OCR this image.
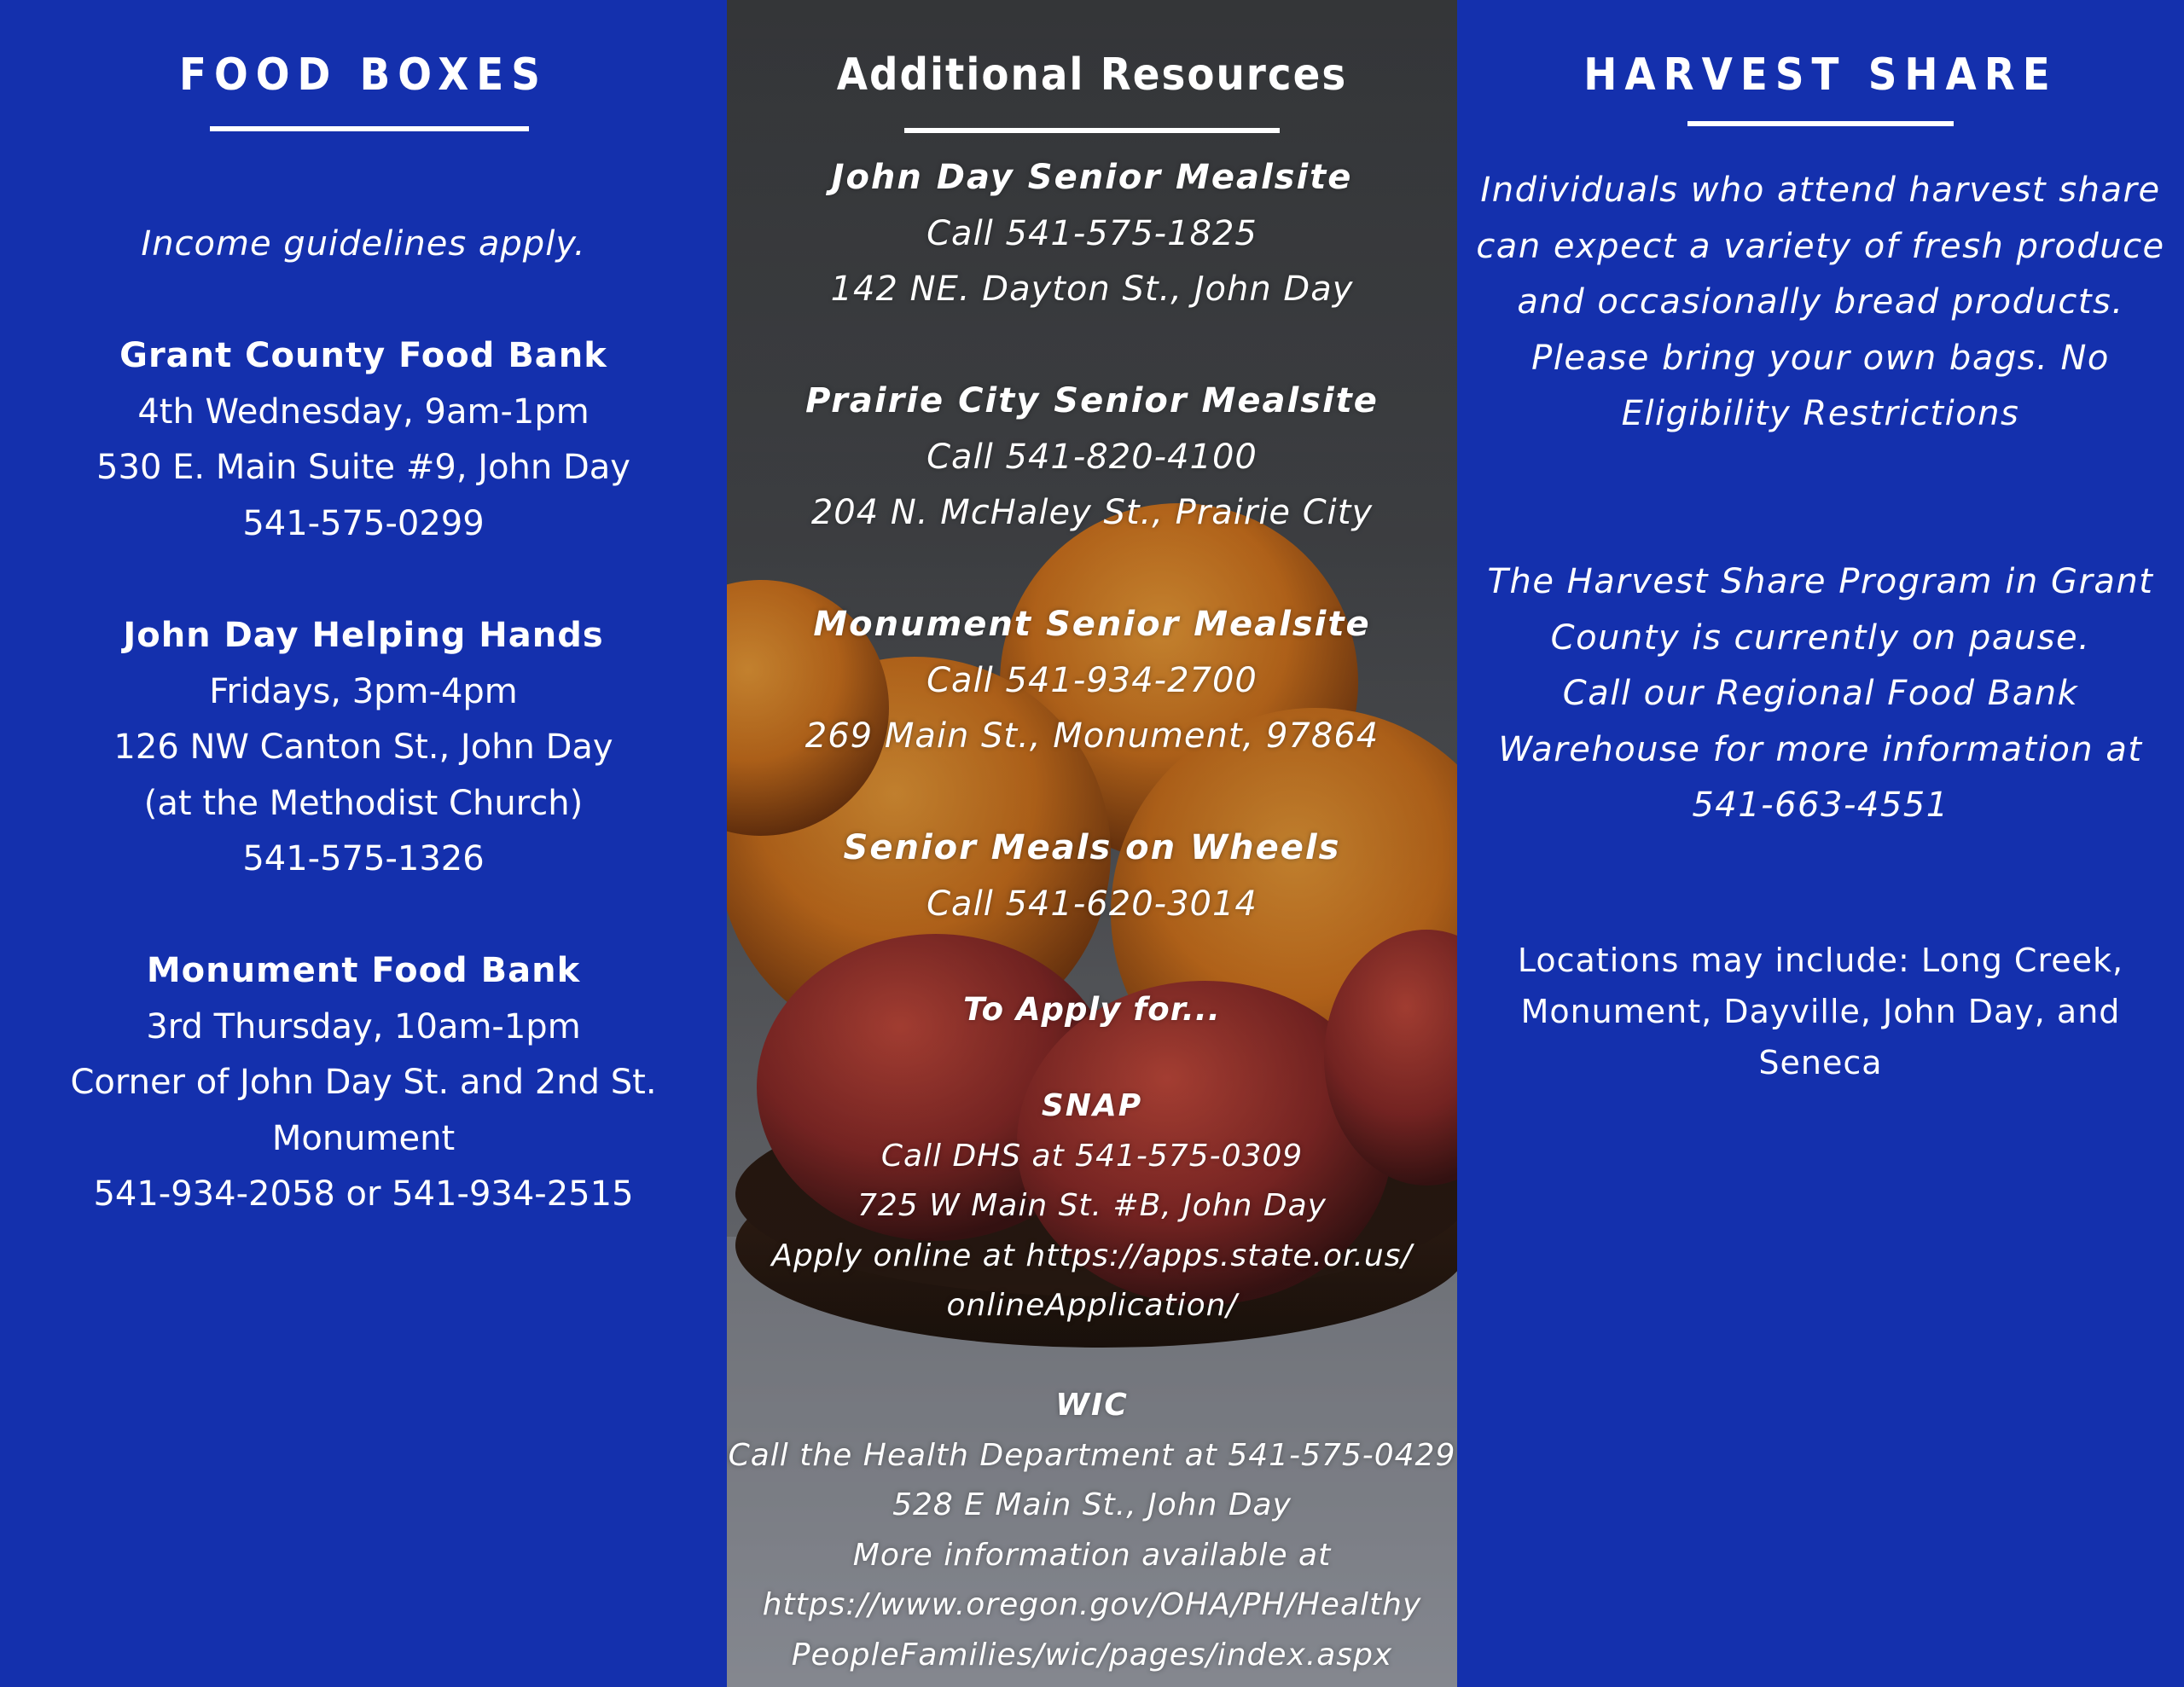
FOOD BOXES
Income guidelines apply.
Grant County Food Bank
4th Wednesday, 9am-1pm
530 E. Main Suite #9, John Day
541-575-0299
John Day Helping Hands
Fridays, 3pm-4pm
126 NW Canton St., John Day
(at the Methodist Church)
541-575-1326
Monument Food Bank
3rd Thursday, 10am-1pm
Corner of John Day St. and 2nd St.
Monument
541-934-2058 or 541-934-2515
Additional Resources
John Day Senior Mealsite
Call 541-575-1825
142 NE. Dayton St., John Day
Prairie City Senior Mealsite
Call 541-820-4100
204 N. McHaley St., Prairie City
Monument Senior Mealsite
Call 541-934-2700
269 Main St., Monument, 97864
Senior Meals on Wheels
Call 541-620-3014
To Apply for...
SNAP
Call DHS at 541-575-0309
725 W Main St. #B, John Day
Apply online at https://apps.state.or.us/
onlineApplication/
WIC
Call the Health Department at 541-575-0429
528 E Main St., John Day
More information available at
https://www.oregon.gov/OHA/PH/Healthy
PeopleFamilies/wic/pages/index.aspx
HARVEST SHARE
Individuals who attend harvest share
can expect a variety of fresh produce
and occasionally bread products.
Please bring your own bags. No
Eligibility Restrictions
The Harvest Share Program in Grant
County is currently on pause.
Call our Regional Food Bank
Warehouse for more information at
541-663-4551
Locations may include: Long Creek,
Monument, Dayville, John Day, and
Seneca
